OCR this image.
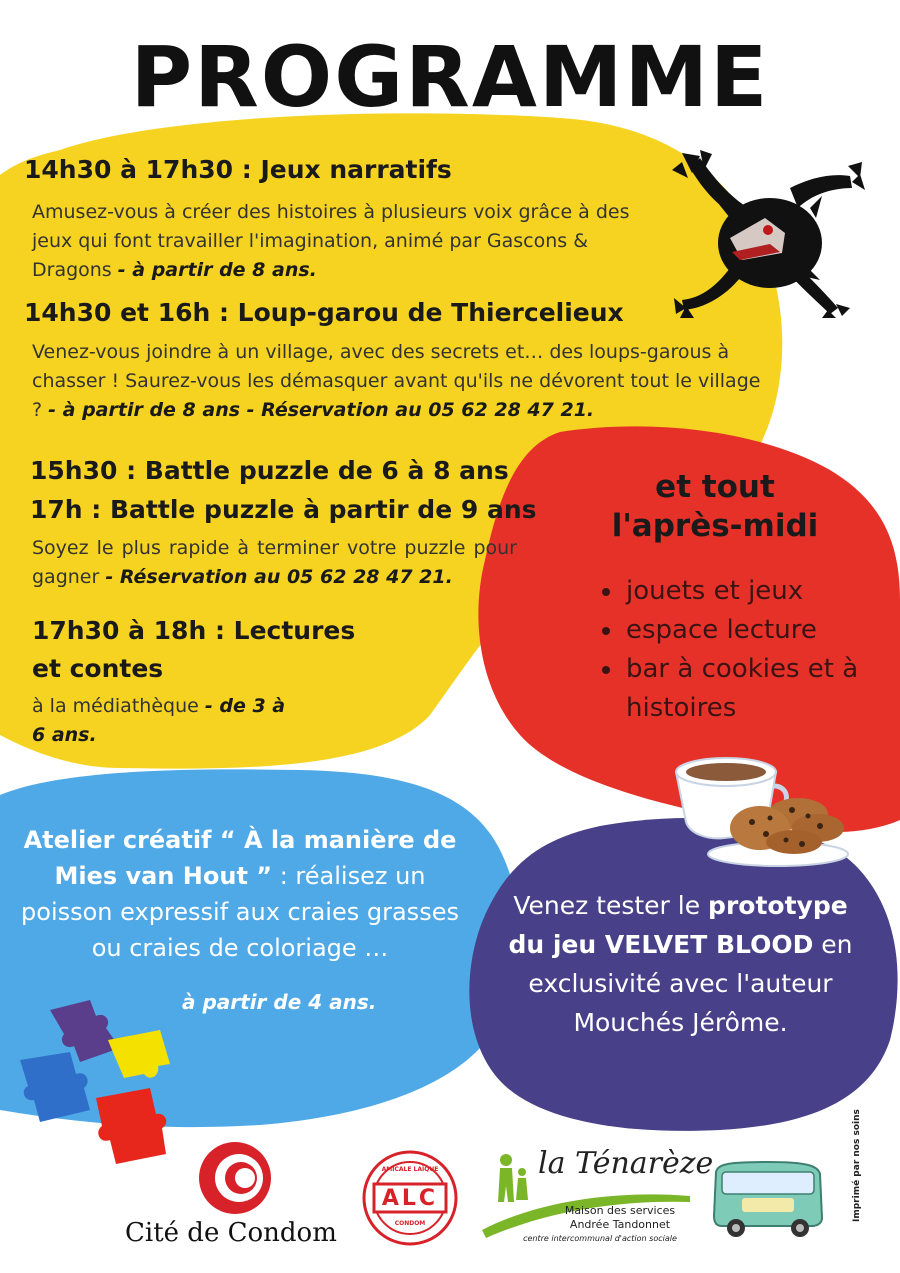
PROGRAMME
14h30 à 17h30 : Jeux narratifs
Amusez-vous à créer des histoires à plusieurs voix grâce à des jeux qui font travailler l'imagination, animé par Gascons & Dragons - à partir de 8 ans.
14h30 et 16h : Loup-garou de Thiercelieux
Venez-vous joindre à un village, avec des secrets et… des loups-garous à chasser ! Saurez-vous les démasquer avant qu'ils ne dévorent tout le village ? - à partir de 8 ans - Réservation au 05 62 28 47 21.
15h30 : Battle puzzle de 6 à 8 ans
17h : Battle puzzle à partir de 9 ans
Soyez le plus rapide à terminer votre puzzle pour gagner - Réservation au 05 62 28 47 21.
17h30 à 18h : Lectures
et contes
à la médiathèque - de 3 à 6 ans.
et tout l'après-midi
• jouets et jeux
• espace lecture
• bar à cookies et à histoires
Atelier créatif “ À la manière de Mies van Hout ” : réalisez un poisson expressif aux craies grasses ou craies de coloriage …
à partir de 4 ans.
Venez tester le prototype du jeu VELVET BLOOD en exclusivité avec l'auteur Mouchés Jérôme.
Cité de Condom
ALC
AMICALE LAÏQUE
CONDOM
la Ténarèze
Maison des services
Andrée Tandonnet
centre intercommunal d'action sociale
Imprimé par nos soins
